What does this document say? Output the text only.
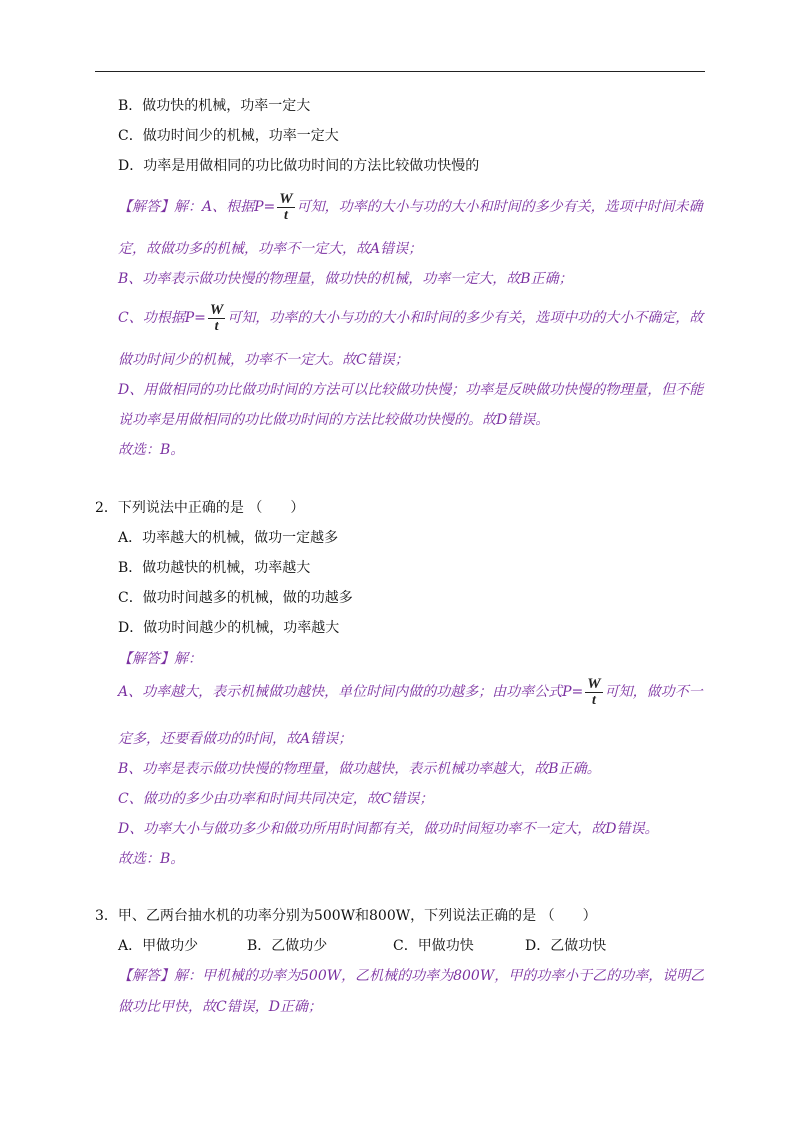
B．做功快的机械，功率一定大
C．做功时间少的机械，功率一定大
D．功率是用做相同的功比做功时间的方法比较做功快慢的
【解答】解：A、根据$P= \frac{W}{t}$ 可知，功率的大小与功的大小和时间的多少有关，选项中时间未确
定，故做功多的机械，功率不一定大，故A错误；
B、功率表示做功快慢的物理量，做功快的机械，功率一定大，故B正确；
C、功根据$P= \frac{W}{t}$ 可知，功率的大小与功的大小和时间的多少有关，选项中功的大小不确定，故
做功时间少的机械，功率不一定大。故C错误；
D、用做相同的功比做功时间的方法可以比较做功快慢；功率是反映做功快慢的物理量，但不能
说功率是用做相同的功比做功时间的方法比较做功快慢的。故D错误。
故选：B。
2．下列说法中正确的是 （　　）
A．功率越大的机械，做功一定越多
B．做功越快的机械，功率越大
C．做功时间越多的机械，做的功越多
D．做功时间越少的机械，功率越大
【解答】解：
A、功率越大，表示机械做功越快，单位时间内做的功越多；由功率公式$P= \frac{W}{t}$ 可知，做功不一
定多，还要看做功的时间，故A错误；
B、功率是表示做功快慢的物理量，做功越快，表示机械功率越大，故B正确。
C、做功的多少由功率和时间共同决定，故C错误；
D、功率大小与做功多少和做功所用时间都有关，做功时间短功率不一定大，故D错误。
故选：B。
3．甲、乙两台抽水机的功率分别为500W和800W，下列说法正确的是 （　　）
A．甲做功少	B．乙做功少	C．甲做功快	D．乙做功快
【解答】解：甲机械的功率为500W，乙机械的功率为800W，甲的功率小于乙的功率，说明乙
做功比甲快，故C错误，D正确；
